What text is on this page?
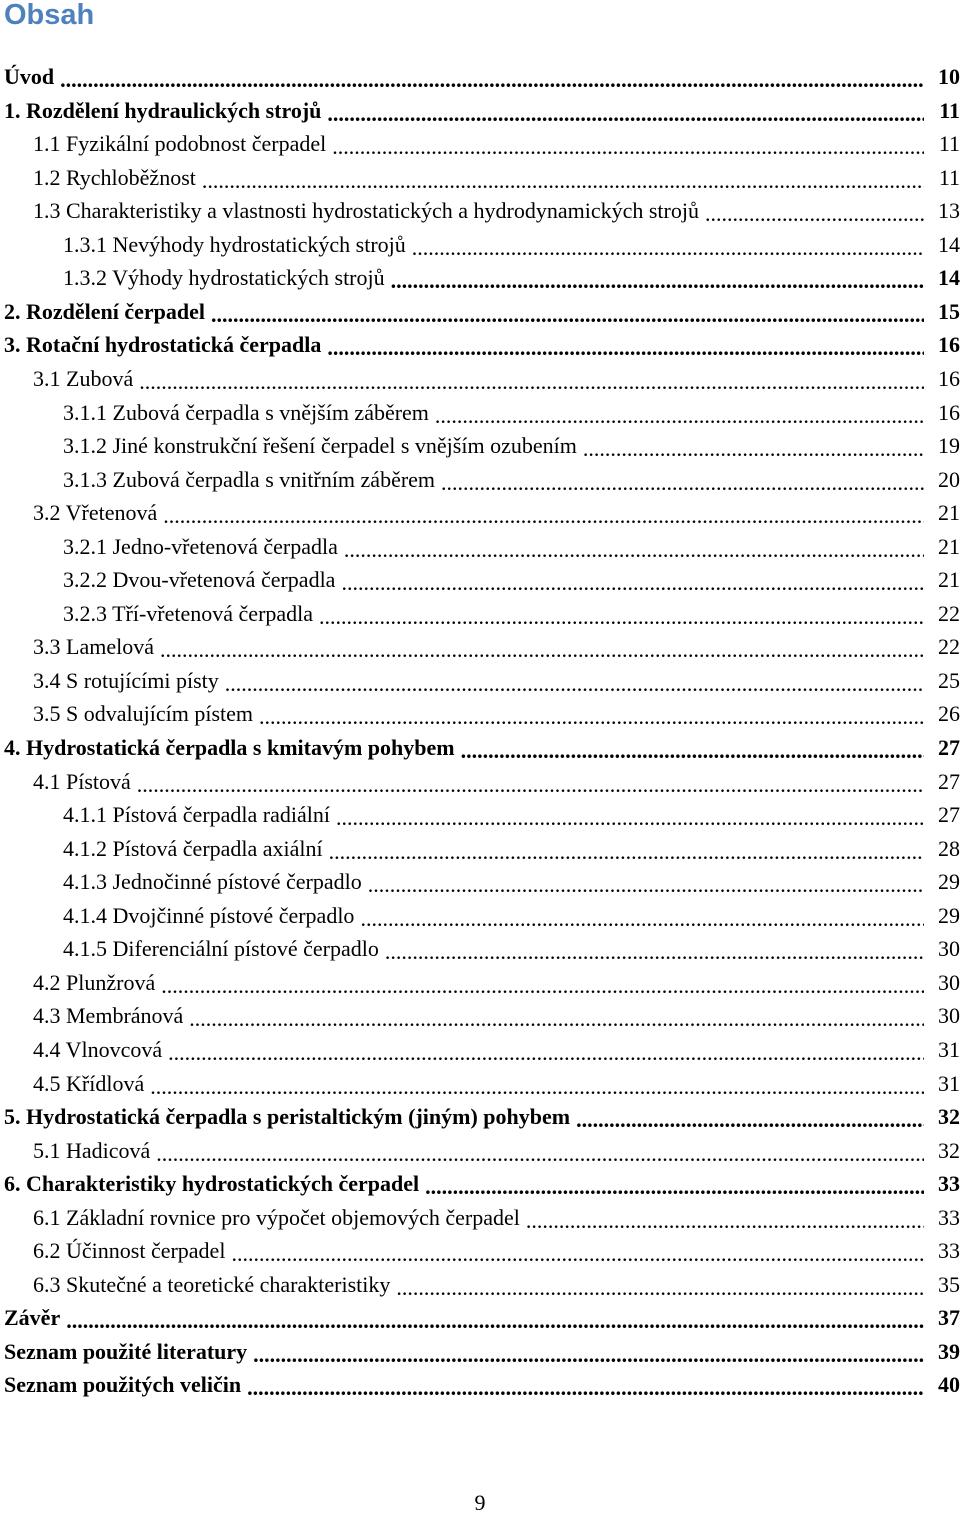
Obsah
Úvod .....	10
1. Rozdělení hydraulických strojů .....	11
1.1 Fyzikální podobnost čerpadel .....	11
1.2 Rychloběžnost .....	11
1.3 Charakteristiky a vlastnosti hydrostatických a hydrodynamických strojů .....	13
1.3.1 Nevýhody hydrostatických strojů .....	14
1.3.2 Výhody hydrostatických strojů .....	14
2. Rozdělení čerpadel .....	15
3. Rotační hydrostatická čerpadla .....	16
3.1 Zubová .....	16
3.1.1 Zubová čerpadla s vnějším záběrem .....	16
3.1.2 Jiné konstrukční řešení čerpadel s vnějším ozubením .....	19
3.1.3 Zubová čerpadla s vnitřním záběrem .....	20
3.2 Vřetenová .....	21
3.2.1 Jedno-vřetenová čerpadla .....	21
3.2.2 Dvou-vřetenová čerpadla .....	21
3.2.3 Tří-vřetenová čerpadla .....	22
3.3 Lamelová .....	22
3.4 S rotujícími písty .....	25
3.5 S odvalujícím pístem .....	26
4. Hydrostatická čerpadla s kmitavým pohybem .....	27
4.1 Pístová .....	27
4.1.1 Pístová čerpadla radiální .....	27
4.1.2 Pístová čerpadla axiální .....	28
4.1.3 Jednočinné pístové čerpadlo .....	29
4.1.4 Dvojčinné pístové čerpadlo .....	29
4.1.5 Diferenciální pístové čerpadlo .....	30
4.2 Plunžrová .....	30
4.3 Membránová .....	30
4.4 Vlnovcová .....	31
4.5 Křídlová .....	31
5. Hydrostatická čerpadla s peristaltickým (jiným) pohybem .....	32
5.1 Hadicová .....	32
6. Charakteristiky hydrostatických čerpadel .....	33
6.1 Základní rovnice pro výpočet objemových čerpadel .....	33
6.2 Účinnost čerpadel .....	33
6.3 Skutečné a teoretické charakteristiky .....	35
Závěr .....	37
Seznam použité literatury .....	39
Seznam použitých veličin .....	40
9
